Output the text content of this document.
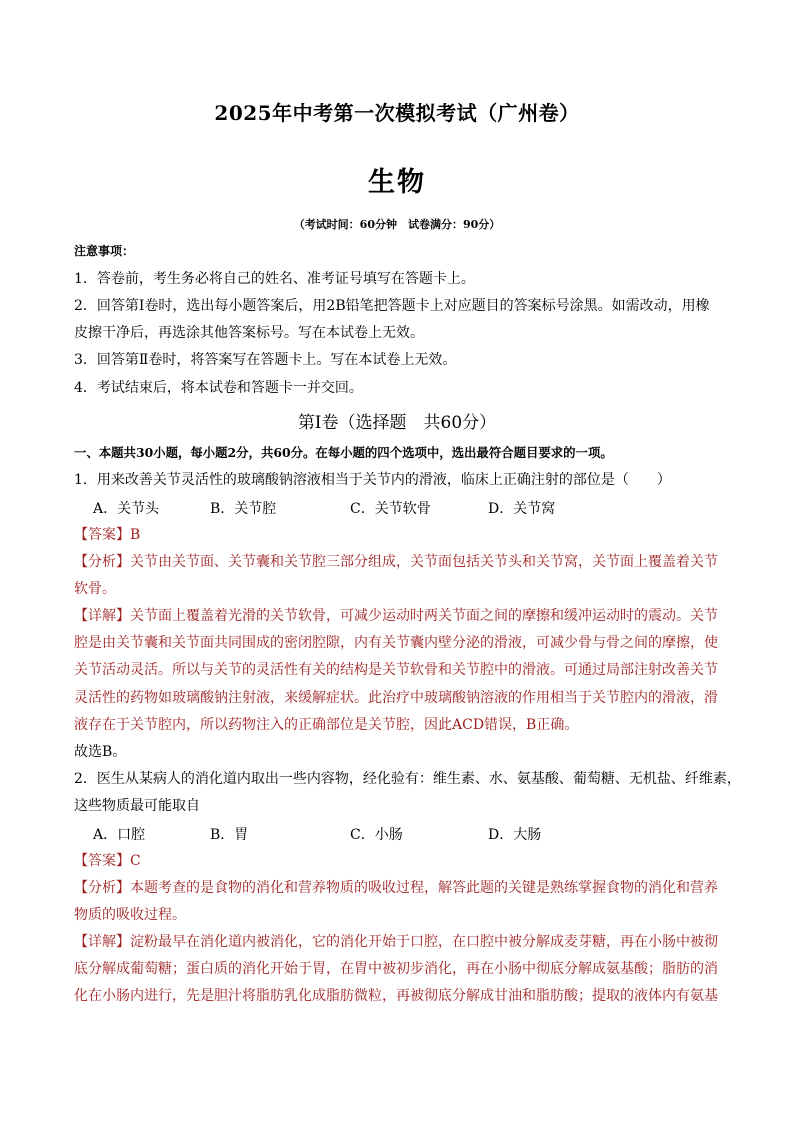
2025年中考第一次模拟考试（广州卷）
生物
（考试时间：60分钟　试卷满分：90分）
注意事项：
1．答卷前，考生务必将自己的姓名、准考证号填写在答题卡上。
2．回答第Ⅰ卷时，选出每小题答案后，用2B铅笔把答题卡上对应题目的答案标号涂黑。如需改动，用橡
皮擦干净后，再选涂其他答案标号。写在本试卷上无效。
3．回答第Ⅱ卷时，将答案写在答题卡上。写在本试卷上无效。
4．考试结束后，将本试卷和答题卡一并交回。
第Ⅰ卷（选择题　共60分）
一、本题共30小题，每小题2分，共60分。在每小题的四个选项中，选出最符合题目要求的一项。
1．用来改善关节灵活性的玻璃酸钠溶液相当于关节内的滑液，临床上正确注射的部位是（　　）
A．关节头	B．关节腔	C．关节软骨	D．关节窝
【答案】B
【分析】关节由关节面、关节囊和关节腔三部分组成，关节面包括关节头和关节窝，关节面上覆盖着关节
软骨。
【详解】关节面上覆盖着光滑的关节软骨，可减少运动时两关节面之间的摩擦和缓冲运动时的震动。关节
腔是由关节囊和关节面共同围成的密闭腔隙，内有关节囊内壁分泌的滑液，可减少骨与骨之间的摩擦，使
关节活动灵活。所以与关节的灵活性有关的结构是关节软骨和关节腔中的滑液。可通过局部注射改善关节
灵活性的药物如玻璃酸钠注射液，来缓解症状。此治疗中玻璃酸钠溶液的作用相当于关节腔内的滑液，滑
液存在于关节腔内，所以药物注入的正确部位是关节腔，因此ACD错误，B正确。
故选B。
2．医生从某病人的消化道内取出一些内容物，经化验有：维生素、水、氨基酸、葡萄糖、无机盐、纤维素，
这些物质最可能取自
A．口腔	B．胃	C．小肠	D．大肠
【答案】C
【分析】本题考查的是食物的消化和营养物质的吸收过程，解答此题的关键是熟练掌握食物的消化和营养
物质的吸收过程。
【详解】淀粉最早在消化道内被消化，它的消化开始于口腔，在口腔中被分解成麦芽糖，再在小肠中被彻
底分解成葡萄糖；蛋白质的消化开始于胃，在胃中被初步消化，再在小肠中彻底分解成氨基酸；脂肪的消
化在小肠内进行，先是胆汁将脂肪乳化成脂肪微粒，再被彻底分解成甘油和脂肪酸；提取的液体内有氨基
